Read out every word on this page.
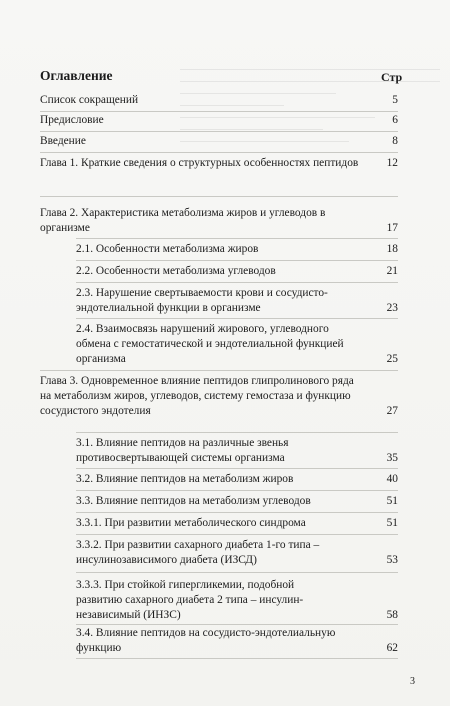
Оглавление	Стр
Список сокращений	5
Предисловие	6
Введение	8
Глава 1. Краткие сведения о структурных особенностях пептидов 12
Глава 2. Характеристика метаболизма жиров и углеводов в организме	17
2.1. Особенности метаболизма жиров	18
2.2. Особенности метаболизма углеводов	21
2.3. Нарушение свертываемости крови и сосудисто-эндотелиальной функции в организме	23
2.4. Взаимосвязь нарушений жирового, углеводного обмена с гемостатической и эндотелиальной функцией организма	25
Глава 3. Одновременное влияние пептидов глипролинового ряда на метаболизм жиров, углеводов, систему гемостаза и функцию сосудистого эндотелия	27
3.1. Влияние пептидов на различные звенья противосвертывающей системы организма	35
3.2. Влияние пептидов на метаболизм жиров	40
3.3. Влияние пептидов на метаболизм углеводов	51
3.3.1. При развитии метаболического синдрома	51
3.3.2. При развитии сахарного диабета 1-го типа – инсулинозависимого диабета (ИЗСД)	53
3.3.3. При стойкой гипергликемии, подобной развитию сахарного диабета 2 типа – инсулин-независимый (ИНЗС)	58
3.4. Влияние пептидов на сосудисто-эндотелиальную функцию	62
3
